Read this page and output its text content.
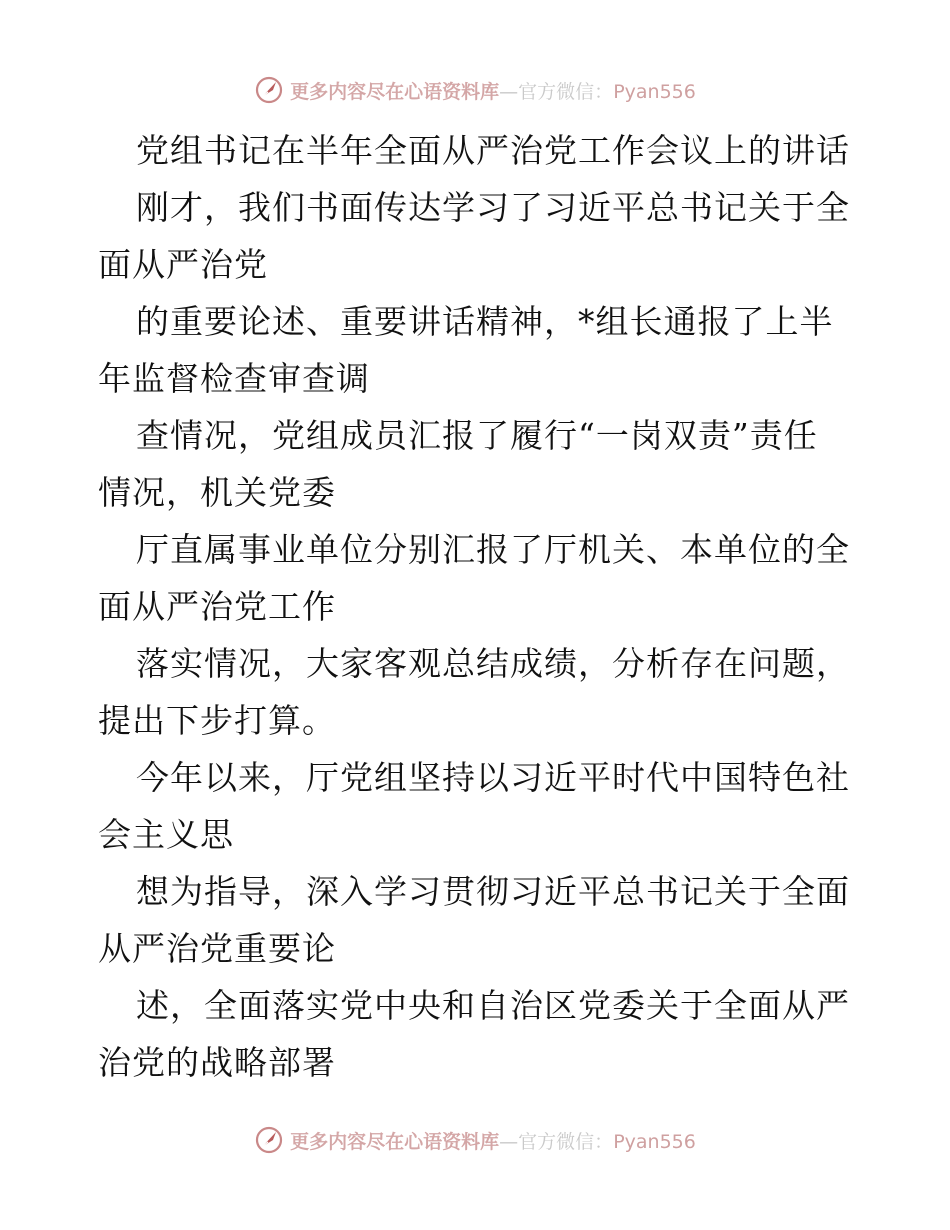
更多内容尽在心语资料库—官方微信：Pyan556
党组书记在半年全面从严治党工作会议上的讲话
刚才，我们书面传达学习了习近平总书记关于全
面从严治党
的重要论述、重要讲话精神，*组长通报了上半
年监督检查审查调
查情况，党组成员汇报了履行“一岗双责”责任
情况，机关党委
厅直属事业单位分别汇报了厅机关、本单位的全
面从严治党工作
落实情况，大家客观总结成绩，分析存在问题，
提出下步打算。
今年以来，厅党组坚持以习近平时代中国特色社
会主义思
想为指导，深入学习贯彻习近平总书记关于全面
从严治党重要论
述，全面落实党中央和自治区党委关于全面从严
治党的战略部署
更多内容尽在心语资料库—官方微信：Pyan556
